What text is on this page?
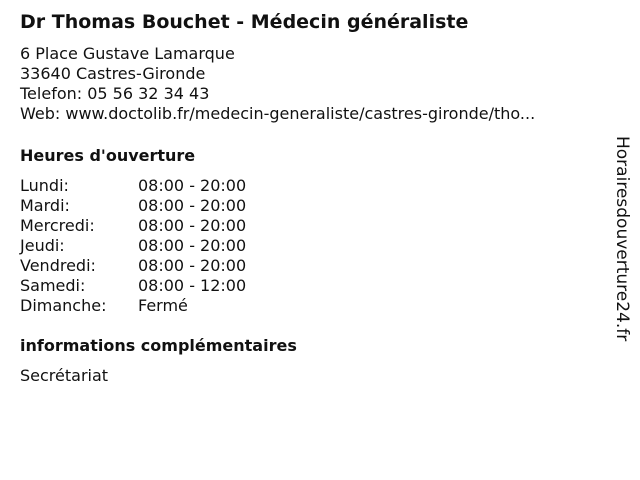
Dr Thomas Bouchet - Médecin généraliste
6 Place Gustave Lamarque
33640 Castres-Gironde
Telefon: 05 56 32 34 43
Web: www.doctolib.fr/medecin-generaliste/castres-gironde/tho...
Heures d'ouverture
Lundi:	08:00 - 20:00
Mardi:	08:00 - 20:00
Mercredi:	08:00 - 20:00
Jeudi:	08:00 - 20:00
Vendredi:	08:00 - 20:00
Samedi:	08:00 - 12:00
Dimanche:	Fermé
informations complémentaires
Secrétariat
Horairesdouverture24.fr
